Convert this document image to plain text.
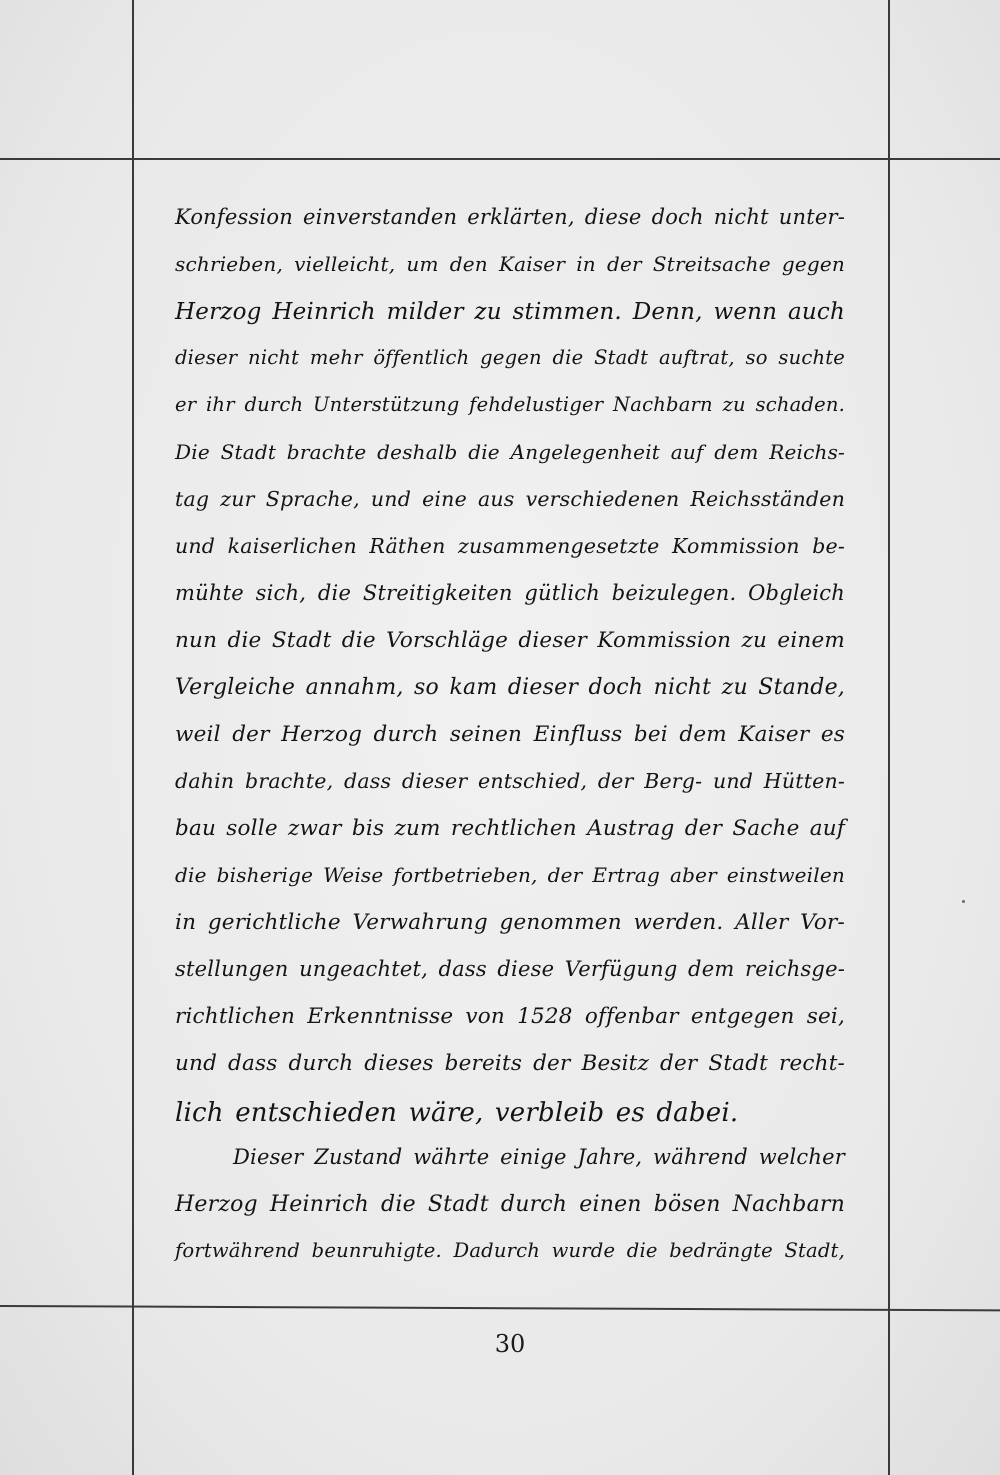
Konfession einverstanden erklärten, diese doch nicht unter-
schrieben, vielleicht, um den Kaiser in der Streitsache gegen
Herzog Heinrich milder zu stimmen. Denn, wenn auch
dieser nicht mehr öffentlich gegen die Stadt auftrat, so suchte
er ihr durch Unterstützung fehdelustiger Nachbarn zu schaden.
Die Stadt brachte deshalb die Angelegenheit auf dem Reichs-
tag zur Sprache, und eine aus verschiedenen Reichsständen
und kaiserlichen Räthen zusammengesetzte Kommission be-
mühte sich, die Streitigkeiten gütlich beizulegen. Obgleich
nun die Stadt die Vorschläge dieser Kommission zu einem
Vergleiche annahm, so kam dieser doch nicht zu Stande,
weil der Herzog durch seinen Einfluss bei dem Kaiser es
dahin brachte, dass dieser entschied, der Berg- und Hütten-
bau solle zwar bis zum rechtlichen Austrag der Sache auf
die bisherige Weise fortbetrieben, der Ertrag aber einstweilen
in gerichtliche Verwahrung genommen werden. Aller Vor-
stellungen ungeachtet, dass diese Verfügung dem reichsge-
richtlichen Erkenntnisse von 1528 offenbar entgegen sei,
und dass durch dieses bereits der Besitz der Stadt recht-
lich entschieden wäre, verbleib es dabei.
Dieser Zustand währte einige Jahre, während welcher
Herzog Heinrich die Stadt durch einen bösen Nachbarn
fortwährend beunruhigte. Dadurch wurde die bedrängte Stadt,
30
